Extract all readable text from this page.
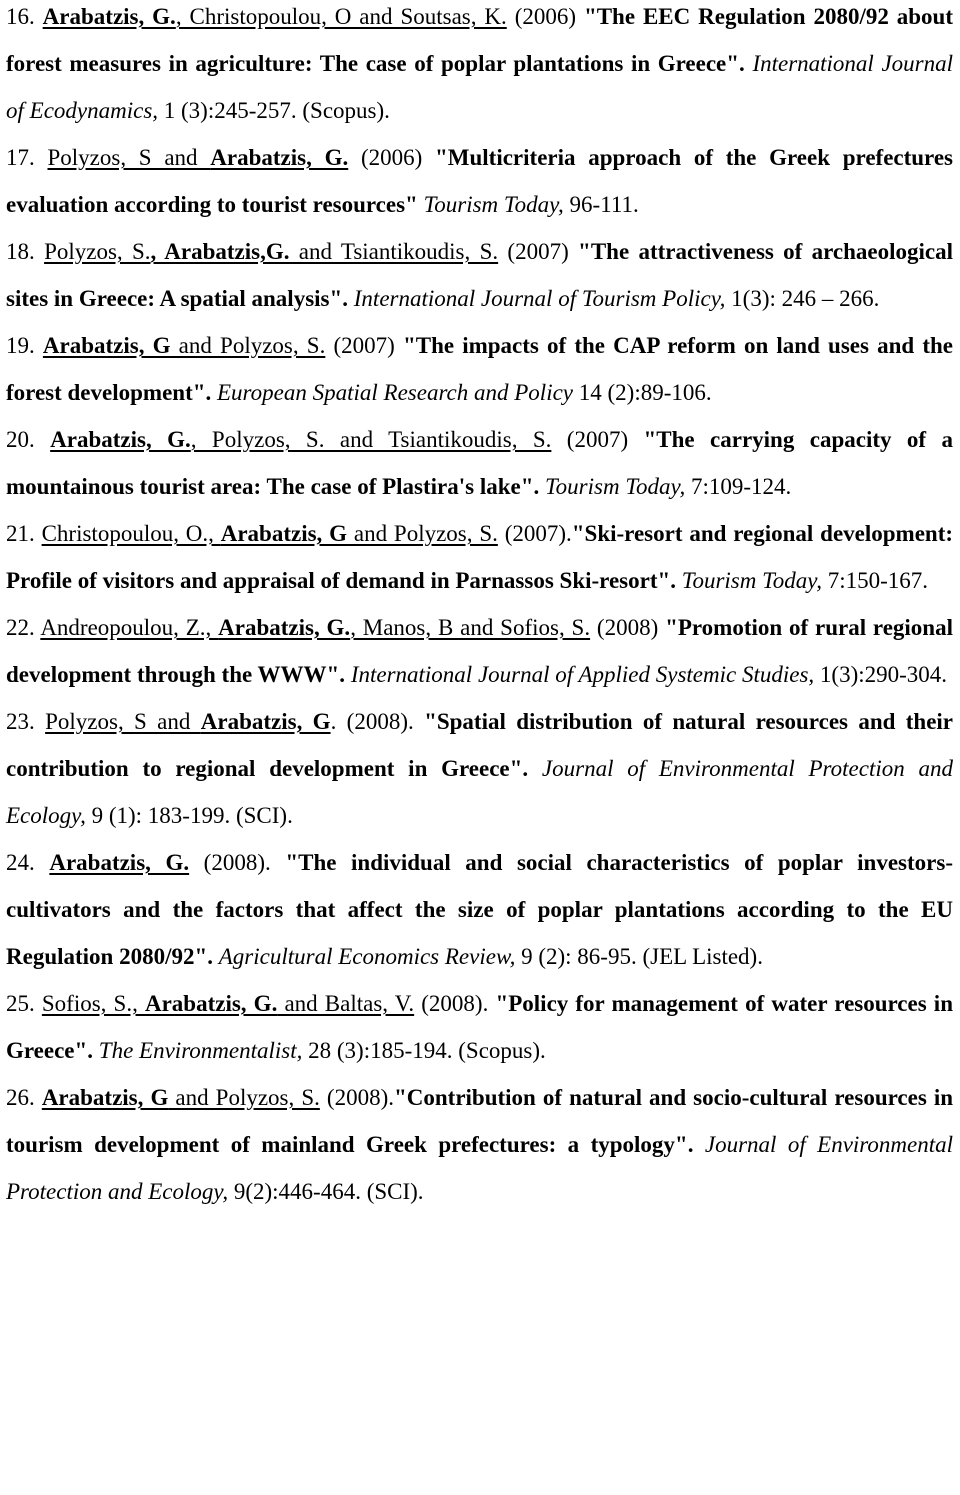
16. Arabatzis, G., Christopoulou, O and Soutsas, K. (2006) "The EEC Regulation 2080/92 about forest measures in agriculture: The case of poplar plantations in Greece". International Journal of Ecodynamics, 1 (3):245-257. (Scopus).

17. Polyzos, S and Arabatzis, G. (2006) "Multicriteria approach of the Greek prefectures evaluation according to tourist resources" Tourism Today, 96-111.

18. Polyzos, S., Arabatzis,G. and Tsiantikoudis, S. (2007) "The attractiveness of archaeological sites in Greece: A spatial analysis". International Journal of Tourism Policy, 1(3): 246 – 266.

19. Arabatzis, G and Polyzos, S. (2007) "The impacts of the CAP reform on land uses and the forest development". European Spatial Research and Policy 14 (2):89-106.

20. Arabatzis, G., Polyzos, S. and Tsiantikoudis, S. (2007) "The carrying capacity of a mountainous tourist area: The case of Plastira's lake". Tourism Today, 7:109-124.

21. Christopoulou, O., Arabatzis, G and Polyzos, S. (2007)."Ski-resort and regional development: Profile of visitors and appraisal of demand in Parnassos Ski-resort". Tourism Today, 7:150-167.

22. Andreopoulou, Z., Arabatzis, G., Manos, B and Sofios, S. (2008) "Promotion of rural regional development through the WWW". International Journal of Applied Systemic Studies, 1(3):290-304.

23. Polyzos, S and Arabatzis, G. (2008). "Spatial distribution of natural resources and their contribution to regional development in Greece". Journal of Environmental Protection and Ecology, 9 (1): 183-199. (SCI).

24. Arabatzis, G. (2008). "The individual and social characteristics of poplar investors-cultivators and the factors that affect the size of poplar plantations according to the EU Regulation 2080/92". Agricultural Economics Review, 9 (2): 86-95. (JEL Listed).

25. Sofios, S., Arabatzis, G. and Baltas, V. (2008). "Policy for management of water resources in Greece". The Environmentalist, 28 (3):185-194. (Scopus).

26. Arabatzis, G and Polyzos, S. (2008)."Contribution of natural and socio-cultural resources in tourism development of mainland Greek prefectures: a typology". Journal of Environmental Protection and Ecology, 9(2):446-464. (SCI).
